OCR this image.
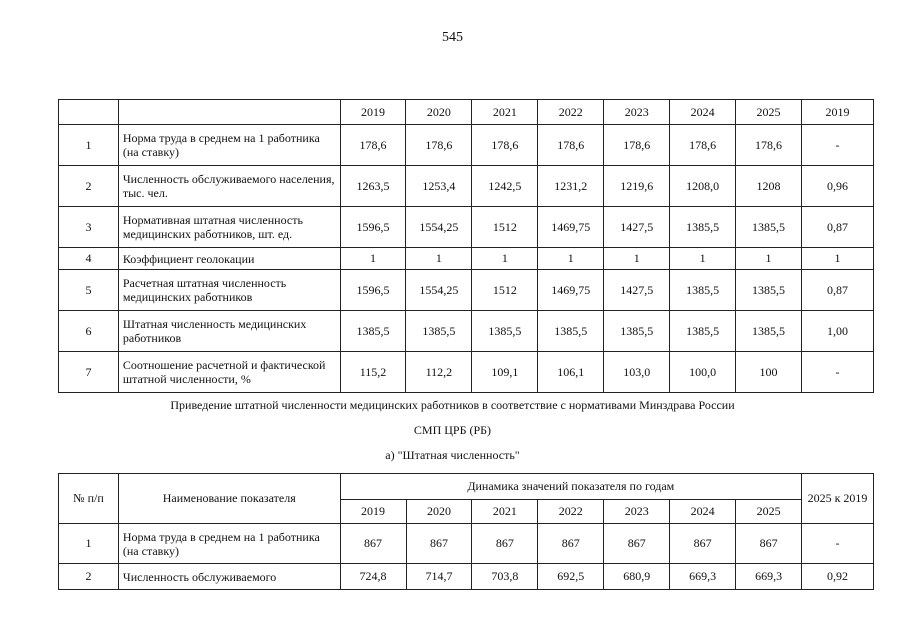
545
		2019	2020	2021	2022	2023	2024	2025	2019
1	Норма труда в среднем на 1 работника (на ставку)	178,6	178,6	178,6	178,6	178,6	178,6	178,6	-
2	Численность обслуживаемого населения, тыс. чел.	1263,5	1253,4	1242,5	1231,2	1219,6	1208,0	1208	0,96
3	Нормативная штатная численность медицинских работников, шт. ед.	1596,5	1554,25	1512	1469,75	1427,5	1385,5	1385,5	0,87
4	Коэффициент геолокации	1	1	1	1	1	1	1	1
5	Расчетная штатная численность медицинских работников	1596,5	1554,25	1512	1469,75	1427,5	1385,5	1385,5	0,87
6	Штатная численность медицинских работников	1385,5	1385,5	1385,5	1385,5	1385,5	1385,5	1385,5	1,00
7	Соотношение расчетной и фактической штатной численности, %	115,2	112,2	109,1	106,1	103,0	100,0	100	-
Приведение штатной численности медицинских работников в соответствие с нормативами Минздрава России
СМП ЦРБ (РБ)
а) "Штатная численность"
№ п/п	Наименование показателя	Динамика значений показателя по годам							2025 к 2019
		2019	2020	2021	2022	2023	2024	2025	
1	Норма труда в среднем на 1 работника (на ставку)	867	867	867	867	867	867	867	-
2	Численность обслуживаемого	724,8	714,7	703,8	692,5	680,9	669,3	669,3	0,92
